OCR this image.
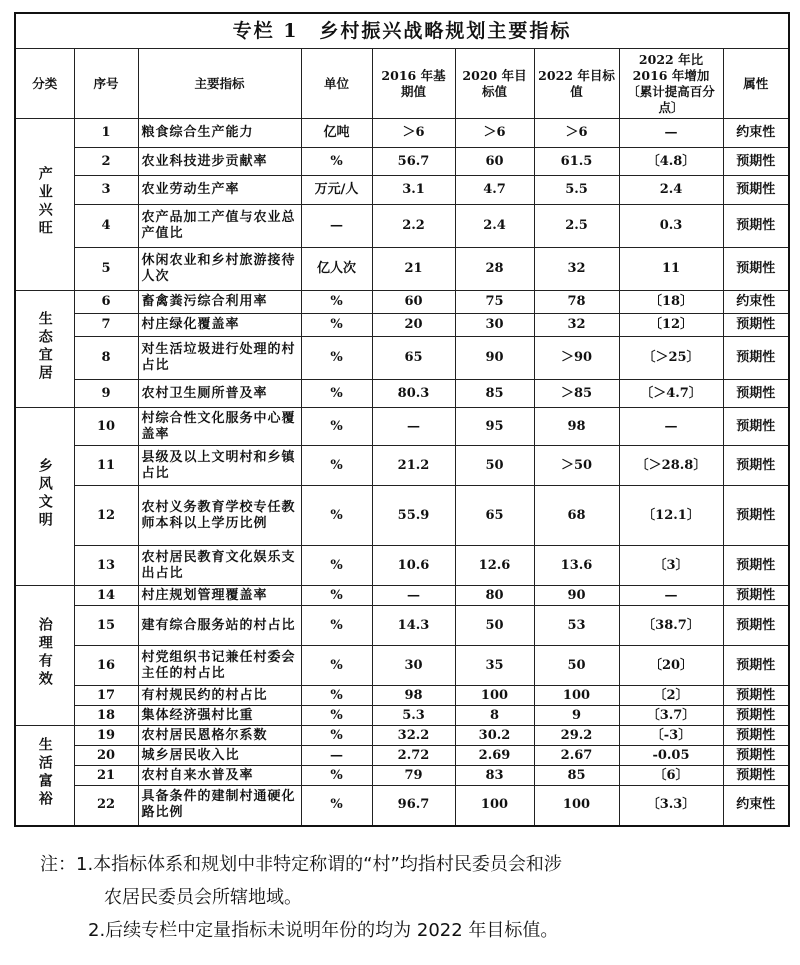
专栏 1　乡村振兴战略规划主要指标								
分类	序号	主要指标	单位	2016 年基期值	2020 年目标值	2022 年目标值	2022 年比 2016 年增加〔累计提高百分点〕	属性
产业兴旺	1	粮食综合生产能力	亿吨	＞6	＞6	＞6	—	约束性
	2	农业科技进步贡献率	%	56.7	60	61.5	〔4.8〕	预期性
	3	农业劳动生产率	万元/人	3.1	4.7	5.5	2.4	预期性
	4	农产品加工产值与农业总产值比	—	2.2	2.4	2.5	0.3	预期性
	5	休闲农业和乡村旅游接待人次	亿人次	21	28	32	11	预期性
生态宜居	6	畜禽粪污综合利用率	%	60	75	78	〔18〕	约束性
	7	村庄绿化覆盖率	%	20	30	32	〔12〕	预期性
	8	对生活垃圾进行处理的村占比	%	65	90	＞90	〔＞25〕	预期性
	9	农村卫生厕所普及率	%	80.3	85	＞85	〔＞4.7〕	预期性
乡风文明	10	村综合性文化服务中心覆盖率	%	—	95	98	—	预期性
	11	县级及以上文明村和乡镇占比	%	21.2	50	＞50	〔＞28.8〕	预期性
	12	农村义务教育学校专任教师本科以上学历比例	%	55.9	65	68	〔12.1〕	预期性
	13	农村居民教育文化娱乐支出占比	%	10.6	12.6	13.6	〔3〕	预期性
治理有效	14	村庄规划管理覆盖率	%	—	80	90	—	预期性
	15	建有综合服务站的村占比	%	14.3	50	53	〔38.7〕	预期性
	16	村党组织书记兼任村委会主任的村占比	%	30	35	50	〔20〕	预期性
	17	有村规民约的村占比	%	98	100	100	〔2〕	预期性
	18	集体经济强村比重	%	5.3	8	9	〔3.7〕	预期性
生活富裕	19	农村居民恩格尔系数	%	32.2	30.2	29.2	〔-3〕	预期性
	20	城乡居民收入比	—	2.72	2.69	2.67	-0.05	预期性
	21	农村自来水普及率	%	79	83	85	〔6〕	预期性
	22	具备条件的建制村通硬化路比例	%	96.7	100	100	〔3.3〕	约束性
注：1.本指标体系和规划中非特定称谓的“村”均指村民委员会和涉
农居民委员会所辖地域。
2.后续专栏中定量指标未说明年份的均为 2022 年目标值。
